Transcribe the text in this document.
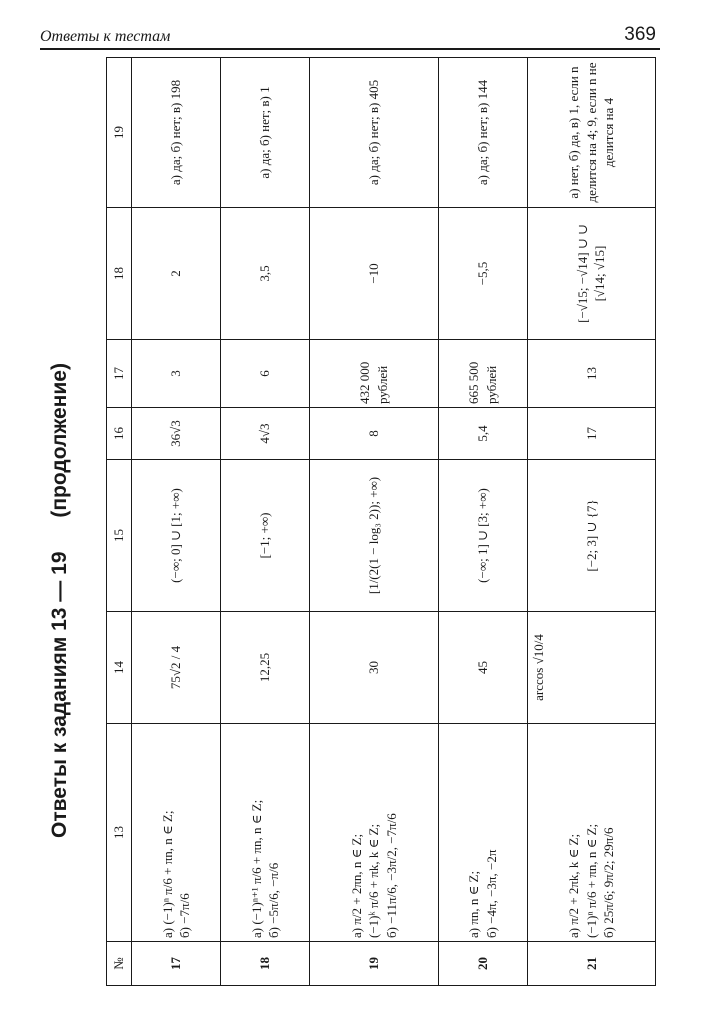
Ответы к тестам	369
Ответы к заданиям 13 — 19 (продолжение)
№	13	14	15	16	17	18	19
17	а) (−1)ⁿ π/6 + πn, n ∈ Z; б) −7π/6	75√2 / 4	(−∞; 0] ∪ [1; +∞)	36√3	3	2	а) да; б) нет; в) 198
18	а) (−1)ⁿ⁺¹ π/6 + πn, n ∈ Z; б) −5π/6, −π/6	12,25	[−1; +∞)	4√3	6	3,5	а) да; б) нет; в) 1
19	а) π/2 + 2πn, n ∈ Z; (−1)ᵏ π/6 + πk, k ∈ Z; б) −11π/6, −3π/2, −7π/6	30	[1/(2(1 − log₃ 2)); +∞)	8	432 000 рублей	−10	а) да; б) нет; в) 405
20	а) πn, n ∈ Z; б) −4π, −3π, −2π	45	(−∞; 1] ∪ [3; +∞)	5,4	665 500 рублей	−5,5	а) да; б) нет; в) 144
21	а) π/2 + 2πk, k ∈ Z; (−1)ⁿ π/6 + πn, n ∈ Z; б) 25π/6; 9π/2; 29π/6	arccos √10/4	[−2; 3] ∪ {7}	17	13	[−√15; −√14] ∪ ∪ [√14; √15]	а) нет, б) да, в) 1, если n делится на 4; 9, если n не делится на 4
